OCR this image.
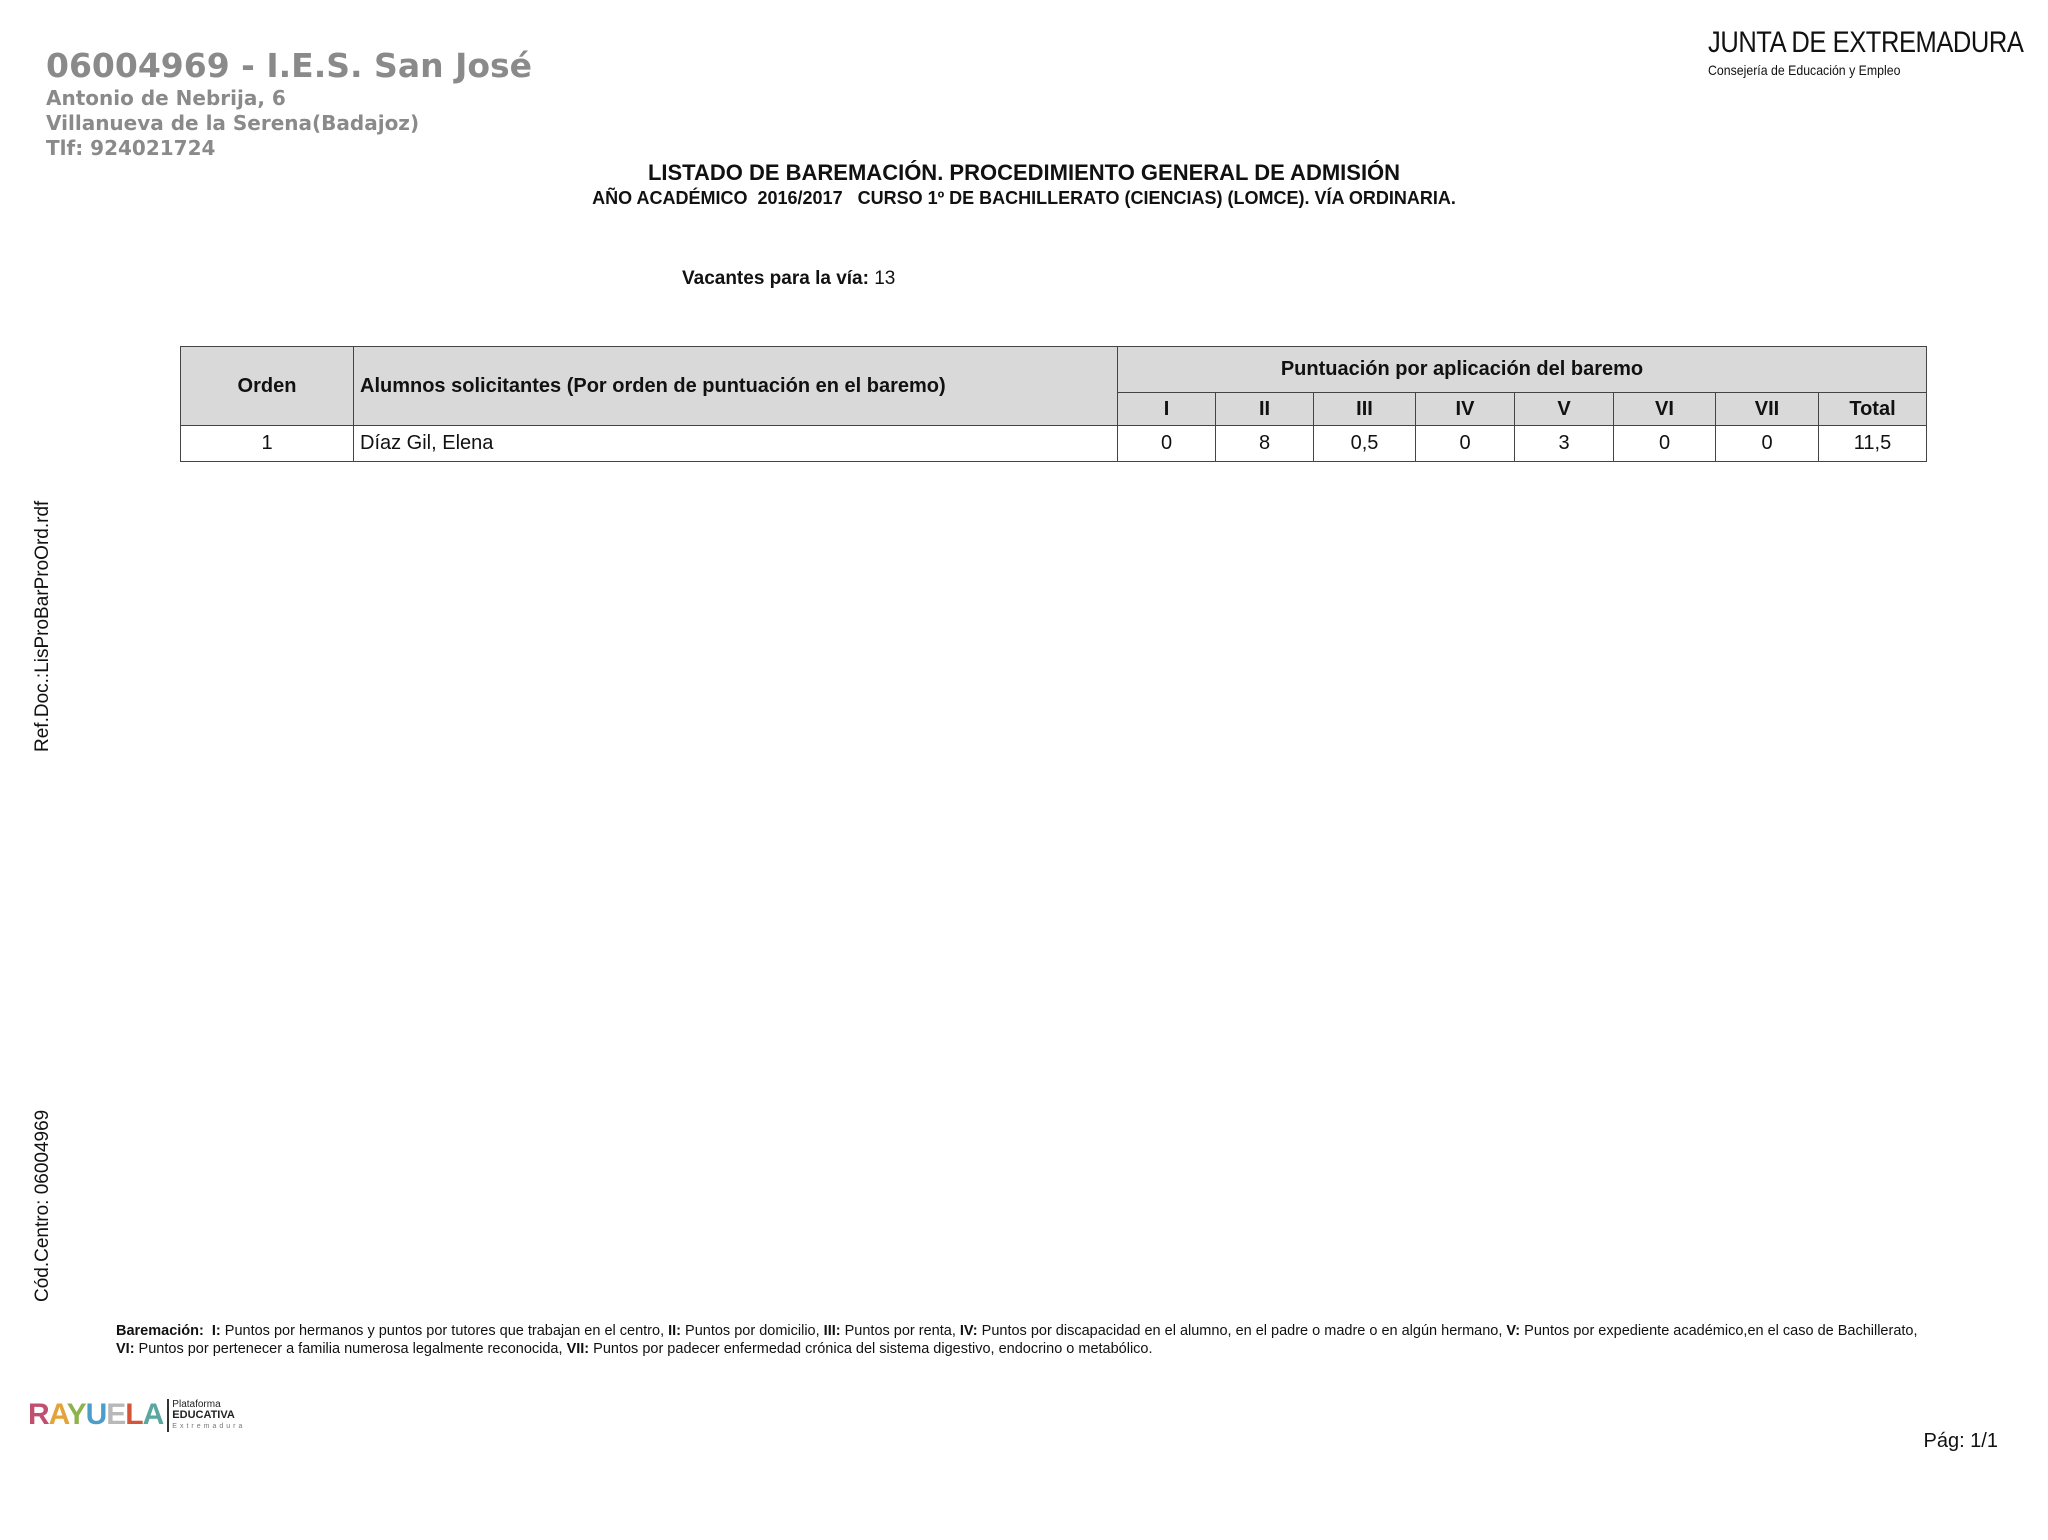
06004969 - I.E.S. San José
Antonio de Nebrija, 6
Villanueva de la Serena(Badajoz)
Tlf: 924021724
JUNTA DE EXTREMADURA
Consejería de Educación y Empleo
LISTADO DE BAREMACIÓN. PROCEDIMIENTO GENERAL DE ADMISIÓN
AÑO ACADÉMICO  2016/2017   CURSO 1º DE BACHILLERATO (CIENCIAS) (LOMCE). VÍA ORDINARIA.
Vacantes para la vía: 13
Orden	Alumnos solicitantes (Por orden de puntuación en el baremo)	Puntuación por aplicación del baremo							
		I	II	III	IV	V	VI	VII	Total
1	Díaz Gil, Elena	0	8	0,5	0	3	0	0	11,5
Ref.Doc.:LisProBarProOrd.rdf
Cód.Centro: 06004969
Baremación: I: Puntos por hermanos y puntos por tutores que trabajan en el centro, II: Puntos por domicilio, III: Puntos por renta, IV: Puntos por discapacidad en el alumno, en el padre o madre o en algún hermano, V: Puntos por expediente académico,en el caso de Bachillerato, VI: Puntos por pertenecer a familia numerosa legalmente reconocida, VII: Puntos por padecer enfermedad crónica del sistema digestivo, endocrino o metabólico.
RAYUELA Plataforma
EDUCATIVA
Extremadura
Pág: 1/1
